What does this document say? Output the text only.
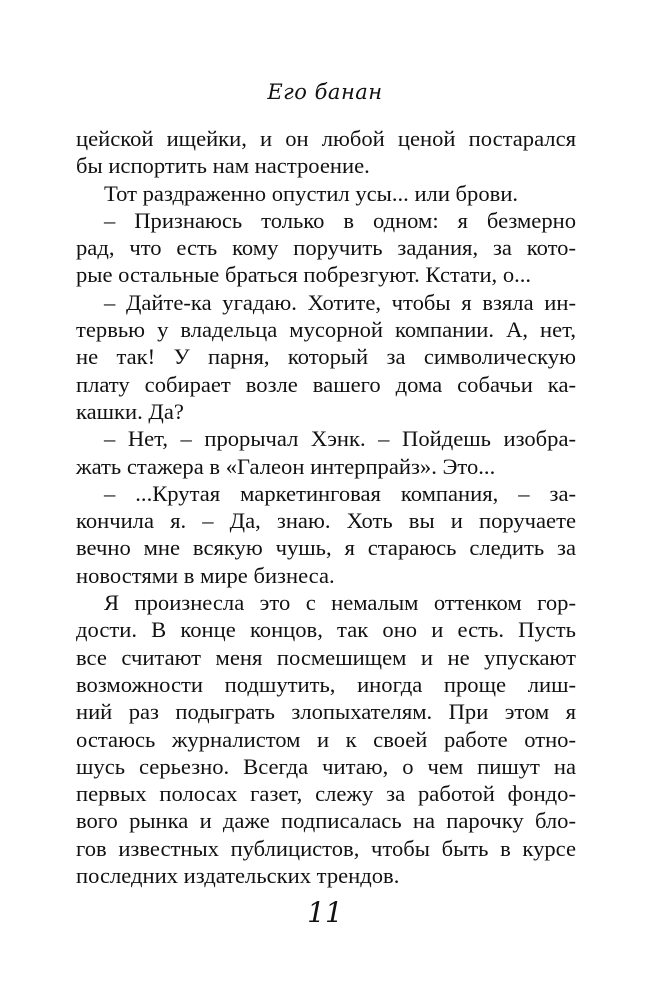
Его банан
цейской ищейки, и он любой ценой постарался
бы испортить нам настроение.
Тот раздраженно опустил усы... или брови.
– Признаюсь только в одном: я безмерно
рад, что есть кому поручить задания, за кото-
рые остальные браться побрезгуют. Кстати, о...
– Дайте-ка угадаю. Хотите, чтобы я взяла ин-
тервью у владельца мусорной компании. А, нет,
не так! У парня, который за символическую
плату собирает возле вашего дома собачьи ка-
кашки. Да?
– Нет, – прорычал Хэнк. – Пойдешь изобра-
жать стажера в «Галеон интерпрайз». Это...
– ...Крутая маркетинговая компания, – за-
кончила я. – Да, знаю. Хоть вы и поручаете
вечно мне всякую чушь, я стараюсь следить за
новостями в мире бизнеса.
Я произнесла это с немалым оттенком гор-
дости. В конце концов, так оно и есть. Пусть
все считают меня посмешищем и не упускают
возможности подшутить, иногда проще лиш-
ний раз подыграть злопыхателям. При этом я
остаюсь журналистом и к своей работе отно-
шусь серьезно. Всегда читаю, о чем пишут на
первых полосах газет, слежу за работой фондо-
вого рынка и даже подписалась на парочку бло-
гов известных публицистов, чтобы быть в курсе
последних издательских трендов.
11
